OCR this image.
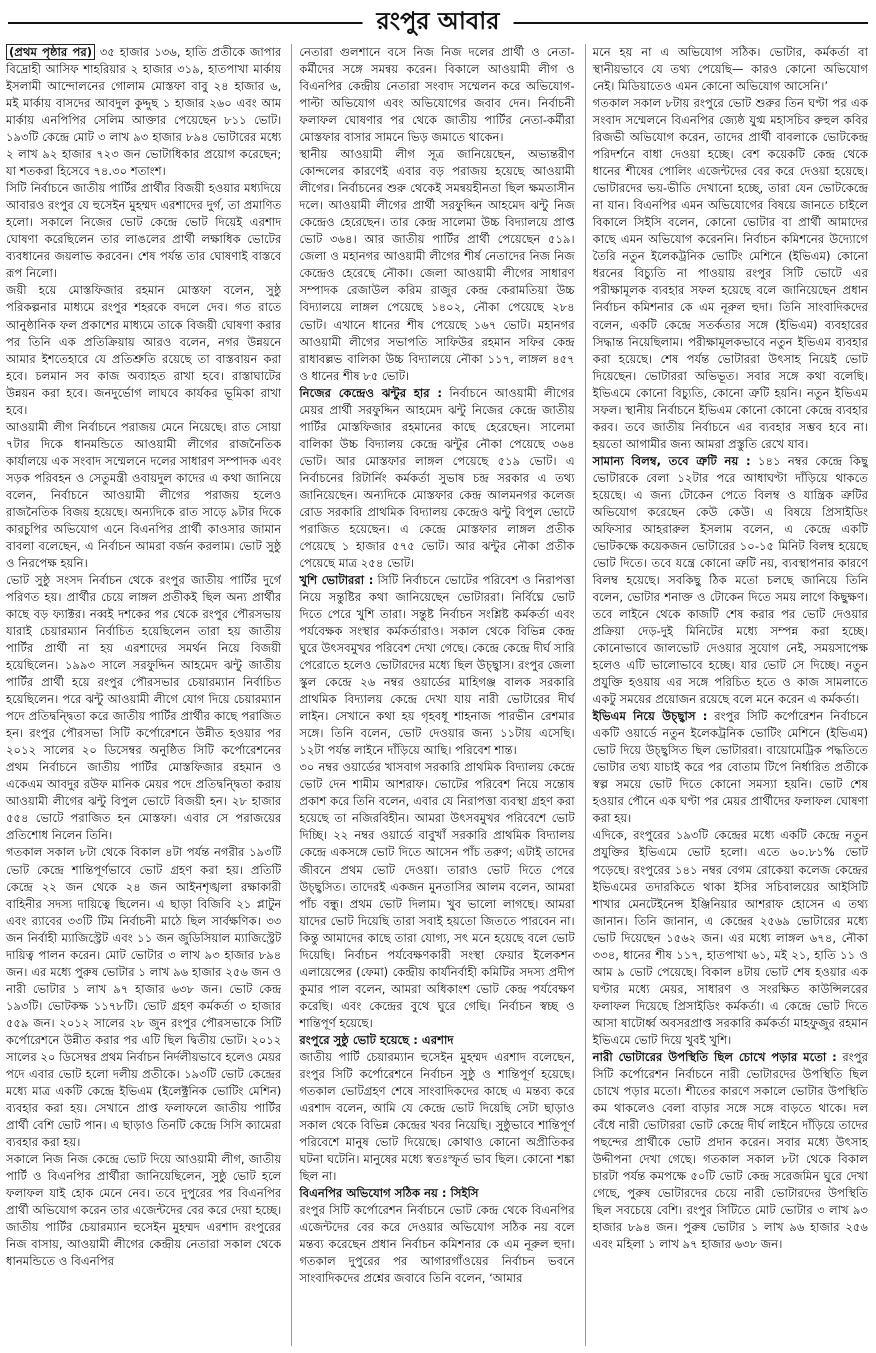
রংপুর আবার

(প্রথম পৃষ্ঠার পর) ৩৫ হাজার ১৩৬, হাতি প্রতীকে জাপার বিদ্রোহী আসিফ শাহরিয়ার ২ হাজার ৩১৯, হাতপাখা মার্কায় ইসলামী আন্দোলনের গোলাম মোস্তফা বাবু ২৪ হাজার ৬, মই মার্কায় বাসদের আবদুল কুদ্দুছ ১ হাজার ২৬০ এবং আম মার্কায় এনপিপির সেলিম আক্তার পেয়েছেন ৮১১ ভোট। ১৯৩টি কেন্দ্রে মোট ৩ লাখ ৯৩ হাজার ৮৯৪ ভোটারের মধ্যে ২ লাখ ৯২ হাজার ৭২৩ জন ভোটাধিকার প্রয়োগ করেছেন; যা শতকরা হিসেবে ৭৪.৩০ শতাংশ।

সিটি নির্বাচনে জাতীয় পার্টির প্রার্থীর বিজয়ী হওয়ার মধ্যদিয়ে আবারও রংপুর যে হুসেইন মুহম্মদ এরশাদের দুর্গ, তা প্রমাণিত হলো। সকালে নিজের ভোট কেন্দ্রে ভোট দিয়েই এরশাদ ঘোষণা করেছিলেন তার লাঙলের প্রার্থী লক্ষাধিক ভোটের ব্যবধানের জয়লাভ করবেন। শেষ পর্যন্ত তার ঘোষণাই বাস্তবে রূপ নিলো।

জয়ী হয়ে মোস্তফিজার রহমান মোস্তফা বলেন, সুষ্ঠু পরিকল্পনার মাধ্যমে রংপুর শহরকে বদলে দেব। গত রাতে আনুষ্ঠানিক ফল প্রকাশের মাধ্যমে তাকে বিজয়ী ঘোষণা করার পর তিনি এক প্রতিক্রিয়ায় আরও বলেন, নগর উন্নয়নে আমার ইশতেহারে যে প্রতিশ্রুতি রয়েছে তা বাস্তবায়ন করা হবে। চলমান সব কাজ অব্যাহত রাখা হবে। রাস্তাঘাটের উন্নয়ন করা হবে। জনদুর্ভোগ লাঘবে কার্যকর ভূমিকা রাখা হবে।

আওয়ামী লীগ নির্বাচনে পরাজয় মেনে নিয়েছে। রাত সোয়া ৭টার দিকে ধানমন্ডিতে আওয়ামী লীগের রাজনৈতিক কার্যালয়ে এক সংবাদ সম্মেলনে দলের সাধারণ সম্পাদক এবং সড়ক পরিবহন ও সেতুমন্ত্রী ওবায়দুল কাদের এ কথা জানিয়ে বলেন, নির্বাচনে আওয়ামী লীগের পরাজয় হলেও রাজনৈতিক বিজয় হয়েছে। অন্যদিকে রাত সাড়ে ৯টার দিকে কারচুপির অভিযোগ এনে বিএনপির প্রার্থী কাওসার জামান বাবলা বলেছেন, এ নির্বাচন আমরা বর্জন করলাম। ভোট সুষ্ঠু ও নিরপেক্ষ হয়নি।

ভোট সুষ্ঠু সংসদ নির্বাচন থেকে রংপুর জাতীয় পার্টির দুর্গে পরিণত হয়। প্রার্থীর চেয়ে লাঙ্গল প্রতীকই ছিল অন্য প্রার্থীর কাছে বড় ফ্যাক্টর। নব্বই দশকের পর থেকে রংপুর পৌরসভায় যারাই চেয়ারম্যান নির্বাচিত হয়েছিলেন তারা হয় জাতীয় পার্টির প্রার্থী না হয় এরশাদের সমর্থন নিয়ে বিজয়ী হয়েছিলেন। ১৯৯৩ সালে সরফুদ্দিন আহমেদ ঝন্টু জাতীয় পার্টির প্রার্থী হয়ে রংপুর পৌরসভার চেয়ারম্যান নির্বাচিত হয়েছিলেন। পরে ঝন্টু আওয়ামী লীগে যোগ দিয়ে চেয়ারম্যান পদে প্রতিদ্বন্দ্বিতা করে জাতীয় পার্টির প্রার্থীর কাছে পরাজিত হন। রংপুর পৌরসভা সিটি কর্পোরেশনে উন্নীত হওয়ার পর ২০১২ সালের ২০ ডিসেম্বর অনুষ্ঠিত সিটি কর্পোরেশনের প্রথম নির্বাচনে জাতীয় পার্টির মোস্তফিজার রহমান ও একেএম আবদুর রউফ মানিক মেয়র পদে প্রতিদ্বন্দ্বিতা করায় আওয়ামী লীগের ঝন্টু বিপুল ভোটে বিজয়ী হন। ২৮ হাজার ৫৫৪ ভোটে পরাজিত হন মোস্তফা। এবার সে পরাজয়ের প্রতিশোধ নিলেন তিনি।

গতকাল সকাল ৮টা থেকে বিকাল ৪টা পর্যন্ত নগরীর ১৯৩টি ভোট কেন্দ্রে শান্তিপূর্ণভাবে ভোট গ্রহণ করা হয়। প্রতিটি কেন্দ্রে ২২ জন থেকে ২৪ জন আইনশৃঙ্খলা রক্ষাকারী বাহিনীর সদস্য দায়িত্বে ছিলেন। এ ছাড়া বিজিবি ২১ প্লাটুন এবং র‌্যাবের ৩৩টি টিম নির্বাচনী মাঠে ছিল সার্বক্ষণিক। ৩৩ জন নির্বাহী ম্যাজিস্ট্রেট এবং ১১ জন জুডিসিয়াল ম্যাজিস্ট্রেট দায়িত্ব পালন করেন। মোট ভোটার ৩ লাখ ৯৩ হাজার ৮৯৪ জন। এর মধ্যে পুরুষ ভোটার ১ লাখ ৯৬ হাজার ২৫৬ জন ও নারী ভোটার ১ লাখ ৯৭ হাজার ৬৩৮ জন। ভোট কেন্দ্র ১৯৩টি। ভোটকক্ষ ১১৭৮টি। ভোট গ্রহণ কর্মকর্তা ৩ হাজার ৫৫৯ জন। ২০১২ সালের ২৮ জুন রংপুর পৌরসভাকে সিটি কর্পোরেশনে উন্নীত করার পর এটি ছিল দ্বিতীয় ভোট। ২০১২ সালের ২০ ডিসেম্বর প্রথম নির্বাচন নির্দলীয়ভাবে হলেও মেয়র পদে এবার ভোট হলো দলীয় প্রতীকে। ১৯৩টি ভোট কেন্দ্রের মধ্যে মাত্র একটি কেন্দ্রে ইভিএম (ইলেক্ট্রনিক ভোটিং মেশিন) ব্যবহার করা হয়। সেখানে প্রাপ্ত ফলাফলে জাতীয় পার্টির প্রার্থী বেশি ভোট পান। এ ছাড়াও তিনটি কেন্দ্রে সিসি ক্যামেরা ব্যবহার করা হয়।

সকালে নিজ নিজ কেন্দ্রে ভোট দিয়ে আওয়ামী লীগ, জাতীয় পার্টি ও বিএনপির প্রার্থীরা জানিয়েছিলেন, সুষ্ঠু ভোট হলে ফলাফল যাই হোক মেনে নেব। তবে দুপুরের পর বিএনপির প্রার্থী অভিযোগ করেন তার এজেন্টদের বের করে দেয়া হচ্ছে। জাতীয় পার্টির চেয়ারম্যান হুসেইন মুহম্মদ এরশাদ রংপুরের নিজ বাসায়, আওয়ামী লীগের কেন্দ্রীয় নেতারা সকাল থেকে ধানমন্ডিতে ও বিএনপির

নেতারা গুলশানে বসে নিজ নিজ দলের প্রার্থী ও নেতা-কর্মীদের সঙ্গে সমন্বয় করেন। বিকালে আওয়ামী লীগ ও বিএনপির কেন্দ্রীয় নেতারা সংবাদ সম্মেলন করে অভিযোগ-পাল্টা অভিযোগ এবং অভিযোগের জবাব দেন। নির্বাচনী ফলাফল ঘোষণার পর থেকে জাতীয় পার্টির নেতা-কর্মীরা মোস্তফার বাসার সামনে ভিড় জমাতে থাকেন।

স্থানীয় আওয়ামী লীগ সূত্র জানিয়েছেন, অভ্যন্তরীণ কোন্দলের কারণেই এবার বড় পরাজয় হয়েছে আওয়ামী লীগের। নির্বাচনের শুরু থেকেই সমন্বয়হীনতা ছিল ক্ষমতাসীন দলে। আওয়ামী লীগের প্রার্থী সরফুদ্দিন আহমেদ ঝন্টু নিজ কেন্দ্রেও হেরেছেন। তার কেন্দ্র সালেমা উচ্চ বিদ্যালয়ে প্রাপ্ত ভোট ৩৬৪। আর জাতীয় পার্টির প্রার্থী পেয়েছেন ৫১৯। জেলা ও মহানগর আওয়ামী লীগের শীর্ষ নেতাদের নিজ নিজ কেন্দ্রেও হেরেছে নৌকা। জেলা আওয়ামী লীগের সাধারণ সম্পাদক রেজাউল করিম রাজুর কেন্দ্র কেরামতিয়া উচ্চ বিদ্যালয়ে লাঙ্গল পেয়েছে ১৪০২, নৌকা পেয়েছে ২৮৪ ভোট। এখানে ধানের শীষ পেয়েছে ১৬৭ ভোট। মহানগর আওয়ামী লীগের সভাপতি সাফিউর রহমান সফির কেন্দ্র রাধাবল্লভ বালিকা উচ্চ বিদ্যালয়ে নৌকা ১১৭, লাঙ্গল ৪৫৭ ও ধানের শীষ ৮৫ ভোট।

নিজের কেন্দ্রেও ঝন্টুর হার : নির্বাচনে আওয়ামী লীগের মেয়র প্রার্থী সরফুদ্দিন আহমেদ ঝন্টু নিজের কেন্দ্রে জাতীয় পার্টির মোস্তফিজার রহমানের কাছে হেরেছেন। সালেমা বালিকা উচ্চ বিদ্যালয় কেন্দ্রে ঝন্টুর নৌকা পেয়েছে ৩৬৪ ভোট। আর মোস্তফার লাঙ্গল পেয়েছে ৫১৯ ভোট। এ নির্বাচনের রিটার্নিং কর্মকর্তা সুভাষ চন্দ্র সরকার এ তথ্য জানিয়েছেন। অন্যদিকে মোস্তফার কেন্দ্র আলমনগর কলেজ রোড সরকারি প্রাথমিক বিদ্যালয় কেন্দ্রেও ঝন্টু বিপুল ভোটে পরাজিত হয়েছেন। এ কেন্দ্রে মোস্তফার লাঙ্গল প্রতীক পেয়েছে ১ হাজার ৫৭৫ ভোট। আর ঝন্টুর নৌকা প্রতীক পেয়েছে মাত্র ২৫৪ ভোট।

খুশি ভোটাররা : সিটি নির্বাচনে ভোটের পরিবেশ ও নিরাপত্তা নিয়ে সন্তুষ্টির কথা জানিয়েছেন ভোটাররা। নির্বিঘ্নে ভোট দিতে পেরে খুশি তারা। সন্তুষ্ট নির্বাচন সংশ্লিষ্ট কর্মকর্তা এবং পর্যবেক্ষক সংস্থার কর্মকর্তারাও। সকাল থেকে বিভিন্ন কেন্দ্র ঘুরে উৎসবমুখর পরিবেশ দেখা গেছে। কেন্দ্রে কেন্দ্রে দীর্ঘ সারি পেরোতে হলেও ভোটারদের মধ্যে ছিল উচ্ছ্বাস। রংপুর জেলা স্কুল কেন্দ্রে ২৬ নম্বর ওয়ার্ডের মাহিগঞ্জ বালক সরকারি প্রাথমিক বিদ্যালয় কেন্দ্রে দেখা যায় নারী ভোটারের দীর্ঘ লাইন। সেখানে কথা হয় গৃহবধূ শাহনাজ পারভীন রেশমার সঙ্গে। তিনি বলেন, ভোট দেওয়ার জন্য ১১টায় এসেছি। ১২টা পর্যন্ত লাইনে দাঁড়িয়ে আছি। পরিবেশ শান্ত।

৩০ নম্বর ওয়ার্ডের খাসবাগ সরকারি প্রাথমিক বিদ্যালয় কেন্দ্রে ভোট দেন শামীম আশরাফ। ভোটের পরিবেশ নিয়ে সন্তোষ প্রকাশ করে তিনি বলেন, এবার যে নিরাপত্তা ব্যবস্থা গ্রহণ করা হয়েছে তা নজিরবিহীন। আমরা উৎসবমুখর পরিবেশে ভোট দিচ্ছি। ২২ নম্বর ওয়ার্ডে বাবুখাঁ সরকারি প্রাথমিক বিদ্যালয় কেন্দ্রে একসঙ্গে ভোট দিতে আসেন পাঁচ তরুণ; এটাই তাদের জীবনে প্রথম ভোট দেওয়া। তারাও ভোট দিতে পেরে উচ্ছ্বসিত। তাদেরই একজন মুনতাসির আলম বলেন, আমরা পাঁচ বন্ধু। প্রথম ভোট দিলাম। খুব ভালো লাগছে। আমরা যাদের ভোট দিয়েছি তারা সবাই হয়তো জিততে পারবেন না। কিন্তু আমাদের কাছে তারা যোগ্য, সৎ মনে হয়েছে বলে ভোট দিয়েছি। নির্বাচন পর্যবেক্ষণকারী সংস্থা ফেয়ার ইলেকশন এলায়েন্সের (ফেমা) কেন্দ্রীয় কার্যনির্বাহী কমিটির সদস্য প্রদীপ কুমার পাল বলেন, আমরা অধিকাংশ ভোট কেন্দ্র পর্যবেক্ষণ করেছি। এবং কেন্দ্রের বুথে ঘুরে গেছি। নির্বাচন স্বচ্ছ ও শান্তিপূর্ণ হয়েছে।

রংপুরে সুষ্ঠু ভোট হয়েছে : এরশাদ

জাতীয় পার্টি চেয়ারম্যান হুসেইন মুহম্মদ এরশাদ বলেছেন, রংপুর সিটি কর্পোরেশনে নির্বাচন সুষ্ঠু ও শান্তিপূর্ণ হয়েছে। গতকাল ভোটগ্রহণ শেষে সাংবাদিকদের কাছে এ মন্তব্য করে এরশাদ বলেন, আমি যে কেন্দ্রে ভোট দিয়েছি সেটা ছাড়াও সকাল থেকে বিভিন্ন কেন্দ্রের খবর নিয়েছি। সুষ্ঠুভাবে শান্তিপূর্ণ পরিবেশে মানুষ ভোট দিয়েছে। কোথাও কোনো অপ্রীতিকর ঘটনা ঘটেনি। মানুষের মধ্যে স্বতঃস্ফূর্ত ভাব ছিল। কোনো শঙ্কা ছিল না।

বিএনপির অভিযোগ সঠিক নয় : সিইসি

রংপুর সিটি কর্পোরেশন নির্বাচনে ভোট কেন্দ্র থেকে বিএনপির এজেন্টদের বের করে দেওয়ার অভিযোগ সঠিক নয় বলে মন্তব্য করেছেন প্রধান নির্বাচন কমিশনার কে এম নূরুল হুদা। গতকাল দুপুরের পর আগারগাঁওয়ের নির্বাচন ভবনে সাংবাদিকদের প্রশ্নের জবাবে তিনি বলেন, ‘আমার

মনে হয় না এ অভিযোগ সঠিক। ভোটার, কর্মকর্তা বা স্থানীয়ভাবে যে তথ্য পেয়েছি— কারও কোনো অভিযোগ নেই। মিডিয়াতেও এমন কোনো অভিযোগ আসেনি।’

গতকাল সকাল ৮টায় রংপুরে ভোট শুরুর তিন ঘণ্টা পর এক সংবাদ সম্মেলনে বিএনপির জ্যেষ্ঠ যুগ্ম মহাসচিব রুহুল কবির রিজভী অভিযোগ করেন, তাদের প্রার্থী বাবলাকে ভোটকেন্দ্র পরিদর্শনে বাধা দেওয়া হচ্ছে। বেশ কয়েকটি কেন্দ্র থেকে ধানের শীষের পোলিং এজেন্টদের বের করে দেওয়া হয়েছে। ভোটারদের ভয়-ভীতি দেখানো হচ্ছে, তারা যেন ভোটকেন্দ্রে না যান। বিএনপির এমন অভিযোগের বিষয়ে জানতে চাইলে বিকালে সিইসি বলেন, কোনো ভোটার বা প্রার্থী আমাদের কাছে এমন অভিযোগ করেননি। নির্বাচন কমিশনের উদ্যোগে তৈরি নতুন ইলেকট্রনিক ভোটিং মেশিনে (ইভিএম) কোনো ধরনের বিচ্যুতি না পাওয়ায় রংপুর সিটি ভোটে এর পরীক্ষামূলক ব্যবহার সফল হয়েছে বলে জানিয়েছেন প্রধান নির্বাচন কমিশনার কে এম নূরুল হুদা। তিনি সাংবাদিকদের বলেন, একটি কেন্দ্রে সতর্কতার সঙ্গে (ইভিএম) ব্যবহারের সিদ্ধান্ত নিয়েছিলাম। পরীক্ষামূলকভাবে নতুন ইভিএম ব্যবহার করা হয়েছে। শেষ পর্যন্ত ভোটাররা উৎসাহ নিয়েই ভোট দিয়েছেন। ভোটাররা অভিভূত। সবার সঙ্গে কথা বলেছি। ইভিএমে কোনো বিচ্যুতি, কোনো ত্রুটি হয়নি। নতুন ইভিএম সফল। স্থানীয় নির্বাচনে ইভিএম কোনো কোনো কেন্দ্রে ব্যবহার করব। তবে জাতীয় নির্বাচনে এর ব্যবহার সম্ভব হবে না। হয়তো আগামীর জন্য আমরা প্রস্তুতি রেখে যাব।

সামান্য বিলম্ব, তবে ত্রুটি নয় : ১৪১ নম্বর কেন্দ্রে কিছু ভোটারকে বেলা ১২টার পরে আধাঘণ্টা দাঁড়িয়ে থাকতে হয়েছে। এ জন্য টোকেন পেতে বিলম্ব ও যান্ত্রিক ত্রুটির অভিযোগ করেছেন কেউ কেউ। এ বিষয়ে প্রিসাইডিং অফিসার আহরারুল ইসলাম বলেন, এ কেন্দ্রে একটি ভোটকক্ষে কয়েকজন ভোটারের ১০-১৫ মিনিট বিলম্ব হয়েছে ভোট দিতে। তবে যন্ত্রে কোনো ত্রুটি নয়, ব্যবস্থাপনার কারণে বিলম্ব হয়েছে। সবকিছু ঠিক মতো চলছে জানিয়ে তিনি বলেন, ভোটার শনাক্ত ও টোকেন দিতে সময় লাগে কিছুক্ষণ। তবে লাইনে থেকে কাজটি শেষ করার পর ভোট দেওয়ার প্রক্রিয়া দেড়-দুই মিনিটের মধ্যে সম্পন্ন করা হচ্ছে। কোনোভাবে জালভোট দেওয়ার সুযোগ নেই, সময়সাপেক্ষ হলেও এটি ভালোভাবে হচ্ছে। যার ভোট সে দিচ্ছে। নতুন প্রযুক্তি হওয়ায় এর সঙ্গে পরিচিত হতে ও কাজ সামলাতে একটু সময়ের প্রয়োজন রয়েছে বলে মনে করেন এ কর্মকর্তা।

ইভিএম নিয়ে উচ্ছ্বাস : রংপুর সিটি কর্পোরেশন নির্বাচনে একটি ওয়ার্ডে নতুন ইলেকট্রনিক ভোটিং মেশিনে (ইভিএম) ভোট দিয়ে উচ্ছ্বসিত ছিল ভোটাররা। বায়োমেট্রিক পদ্ধতিতে ভোটার তথ্য যাচাই করে পর বোতাম টিপে নির্ধারিত প্রতীকে স্বল্প সময়ে ভোট দিতে কোনো সমস্যা হয়নি। ভোট শেষ হওয়ার পৌনে এক ঘণ্টা পর মেয়র প্রার্থীদের ফলাফল ঘোষণা করা হয়।

এদিকে, রংপুরের ১৯৩টি কেন্দ্রের মধ্যে একটি কেন্দ্রে নতুন প্রযুক্তির ইভিএমে ভোট হলো। এতে ৬০.৮১% ভোট পড়েছে। রংপুরের ১৪১ নম্বর বেগম রোকেয়া কলেজ কেন্দ্রের ইভিএমের তদারকিতে থাকা ইসির সচিবালয়ের আইসিটি শাখার মেনটেইনেন্স ইঞ্জিনিয়ার আশরাফ হোসেন এ তথ্য জানান। তিনি জানান, এ কেন্দ্রের ২৫৬৯ ভোটারের মধ্যে ভোট দিয়েছেন ১৫৬২ জন। এর মধ্যে লাঙ্গল ৬৭৪, নৌকা ৩৩৪, ধানের শীষ ১১৭, হাতপাখা ৬১, মই ২১, হাতি ১১ ও আম ৯ ভোট পেয়েছে। বিকাল ৪টায় ভোট শেষ হওয়ার এক ঘণ্টার মধ্যে মেয়র, সাধারণ ও সংরক্ষিত কাউন্সিলরের ফলাফল দিয়েছে প্রিসাইডিং কর্মকর্তা। এ কেন্দ্রে ভোট দিতে আসা ষাটোর্ধ্ব অবসরপ্রাপ্ত সরকারি কর্মকর্তা মাহফুজুর রহমান ইভিএমে ভোট দিয়ে খুবই খুশি।

নারী ভোটারের উপস্থিতি ছিল চোখে পড়ার মতো : রংপুর সিটি কর্পোরেশন নির্বাচনে নারী ভোটারদের উপস্থিতি ছিল চোখে পড়ার মতো। শীতের কারণে সকালে ভোটার উপস্থিতি কম থাকলেও বেলা বাড়ার সঙ্গে সঙ্গে বাড়তে থাকে। দল বেঁধে নারী ভোটাররা ভোট কেন্দ্রে দীর্ঘ লাইনে দাঁড়িয়ে তাদের পছন্দের প্রার্থীকে ভোট প্রদান করেন। সবার মধ্যে উৎসাহ উদ্দীপনা দেখা গেছে। গতকাল সকাল ৮টা থেকে বিকাল চারটা পর্যন্ত কমপক্ষে ৫০টি ভোট কেন্দ্র সরেজমিন ঘুরে দেখা গেছে, পুরুষ ভোটারদের চেয়ে নারী ভোটারদের উপস্থিতি ছিল সবচেয়ে বেশি। রংপুর সিটিতে মোট ভোটার ৩ লাখ ৯৩ হাজার ৮৯৪ জন। পুরুষ ভোটার ১ লাখ ৯৬ হাজার ২৫৬ এবং মহিলা ১ লাখ ৯৭ হাজার ৬৩৮ জন।
